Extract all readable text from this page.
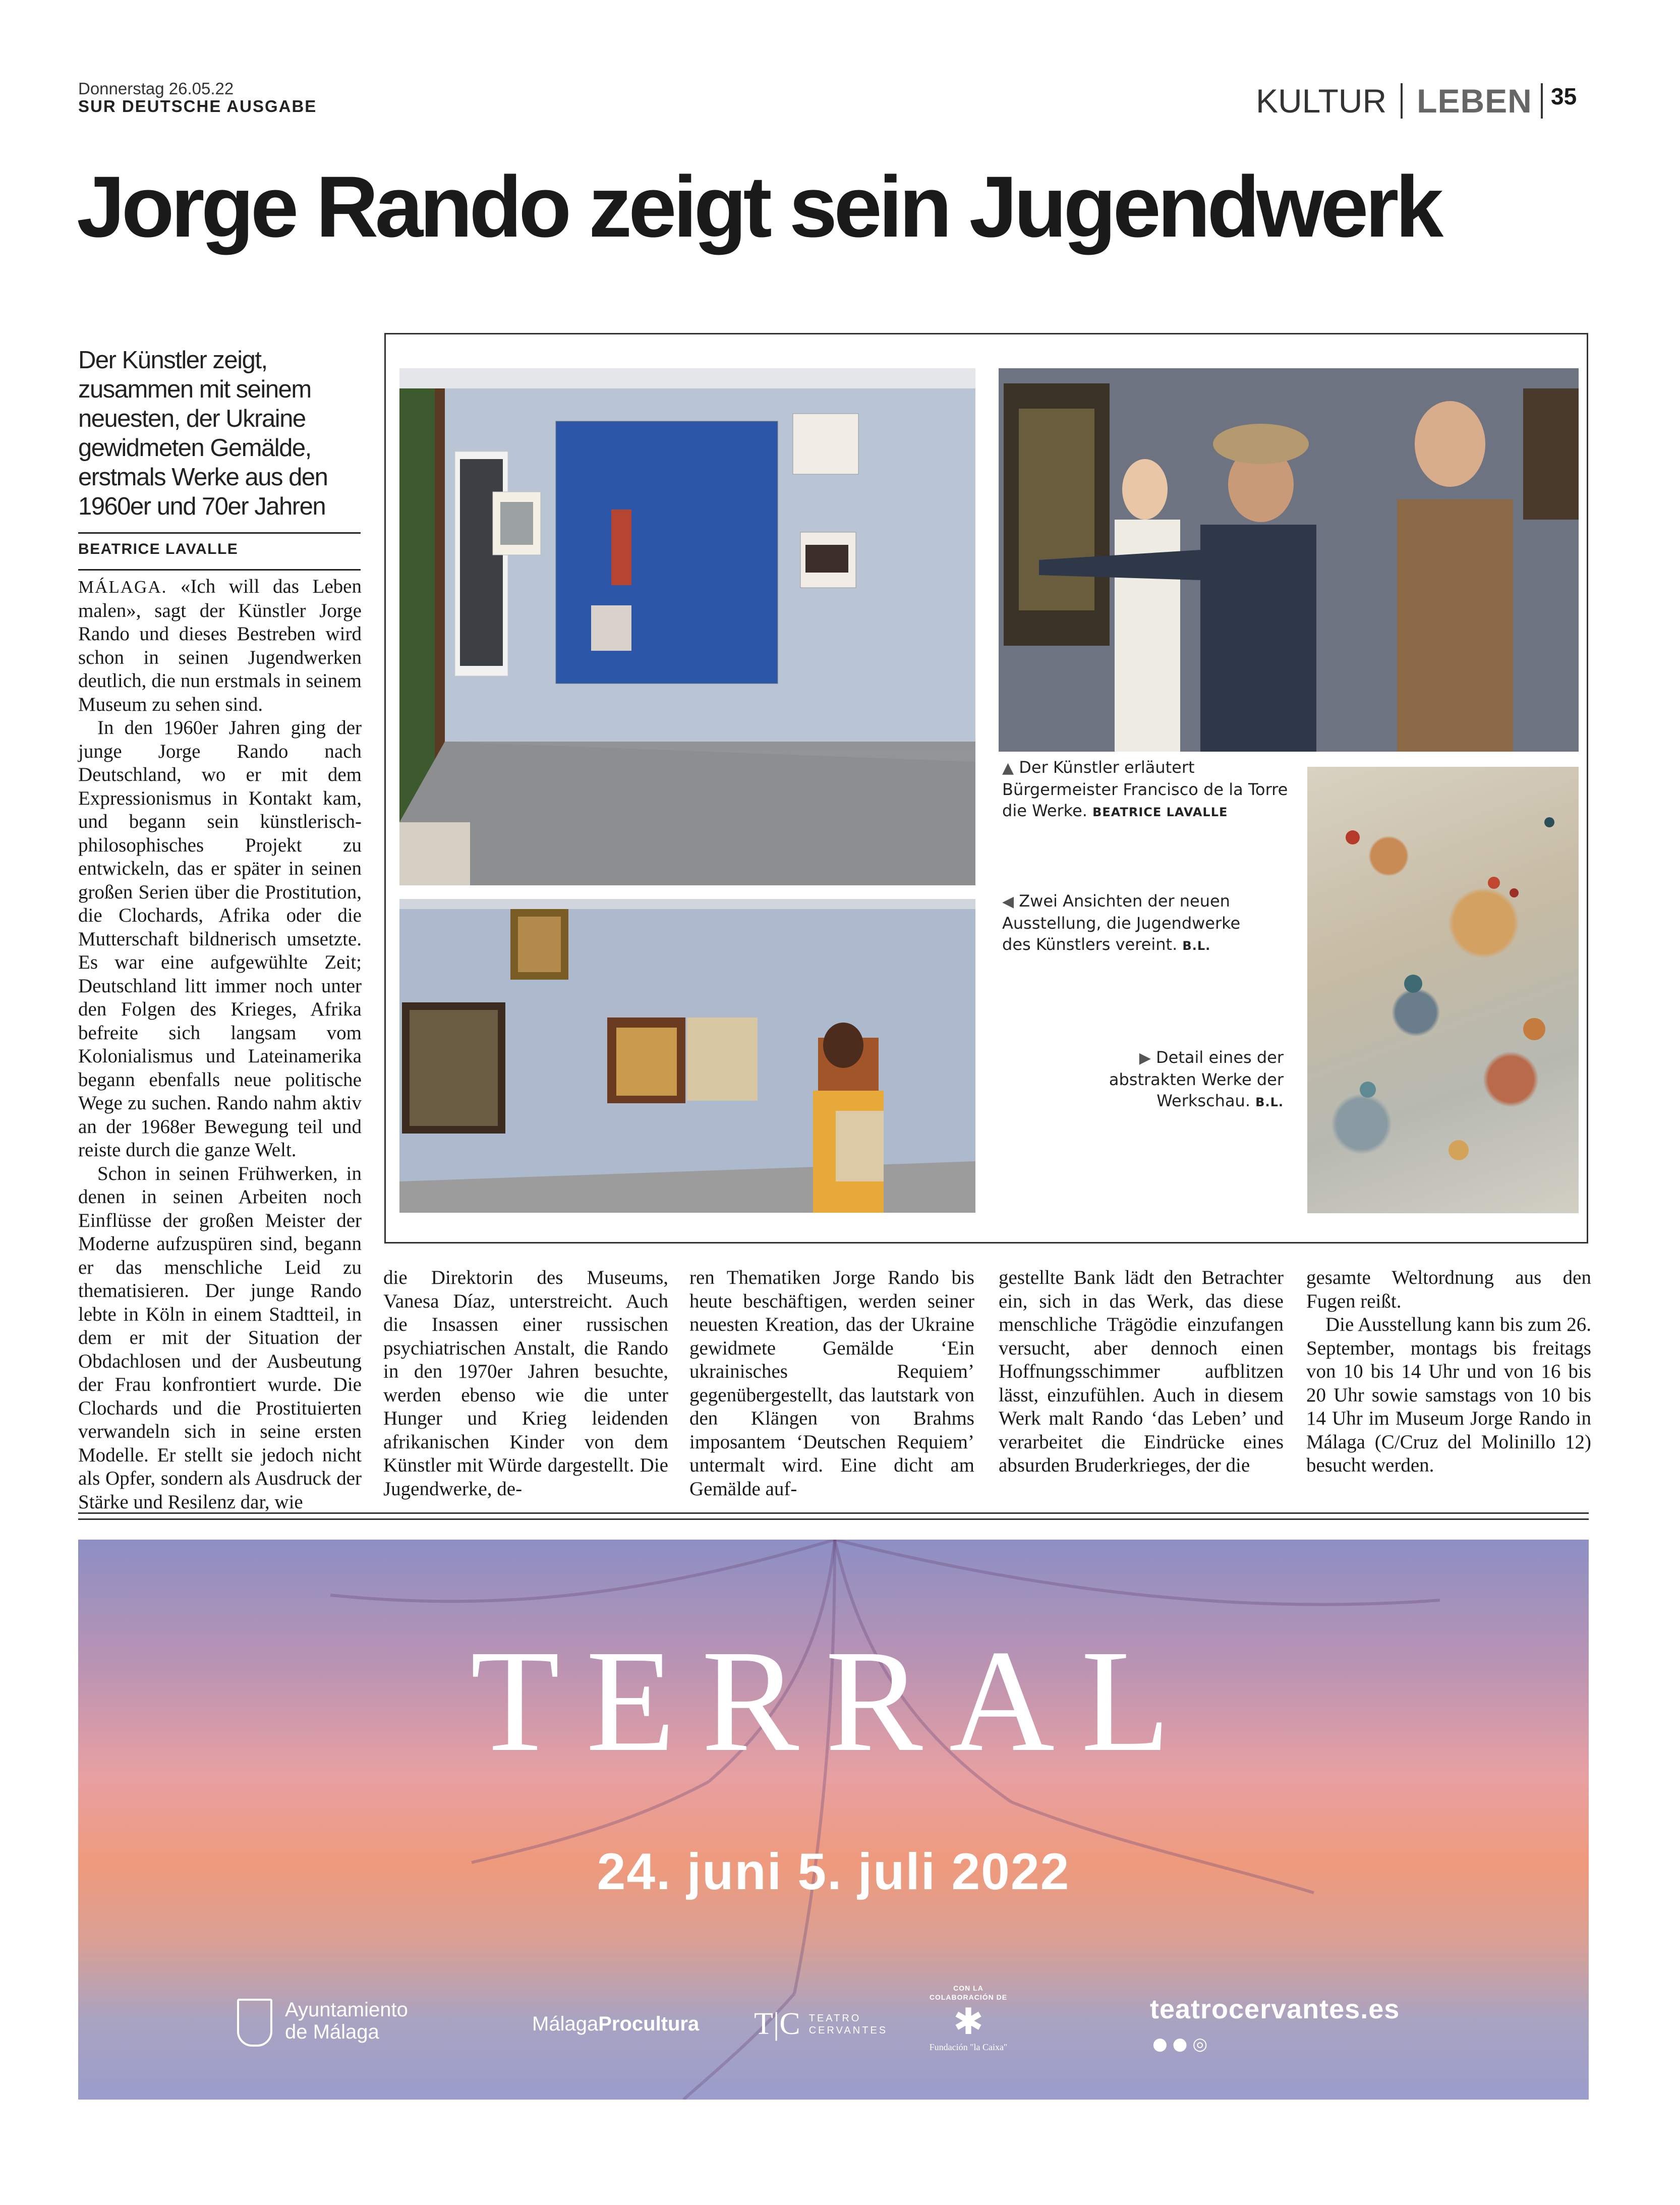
Donnerstag 26.05.22
SUR DEUTSCHE AUSGABE	KULTUR LEBEN 35
Jorge Rando zeigt sein Jugendwerk
Der Künstler zeigt, zusammen mit seinem neuesten, der Ukraine gewidmeten Gemälde, erstmals Werke aus den 1960er und 70er Jahren
BEATRICE LAVALLE

MÁLAGA. «Ich will das Leben malen», sagt der Künstler Jorge Rando und dieses Bestreben wird schon in seinen Jugendwerken deutlich, die nun erstmals in seinem Museum zu sehen sind.

In den 1960er Jahren ging der junge Jorge Rando nach Deutschland, wo er mit dem Expressionismus in Kontakt kam, und begann sein künstlerisch-philosophisches Projekt zu entwickeln, das er später in seinen großen Serien über die Prostitution, die Clochards, Afrika oder die Mutterschaft bildnerisch umsetzte. Es war eine aufgewühlte Zeit; Deutschland litt immer noch unter den Folgen des Krieges, Afrika befreite sich langsam vom Kolonialismus und Lateinamerika begann ebenfalls neue politische Wege zu suchen. Rando nahm aktiv an der 1968er Bewegung teil und reiste durch die ganze Welt.

Schon in seinen Frühwerken, in denen in seinen Arbeiten noch Einflüsse der großen Meister der Moderne aufzuspüren sind, begann er das menschliche Leid zu thematisieren. Der junge Rando lebte in Köln in einem Stadtteil, in dem er mit der Situation der Obdachlosen und der Ausbeutung der Frau konfrontiert wurde. Die Clochards und die Prostituierten verwandeln sich in seine ersten Modelle. Er stellt sie jedoch nicht als Opfer, sondern als Ausdruck der Stärke und Resilenz dar, wie

▲ Der Künstler erläutert Bürgermeister Francisco de la Torre die Werke. BEATRICE LAVALLE
◀ Zwei Ansichten der neuen Ausstellung, die Jugendwerke des Künstlers vereint. B.L.
▶ Detail eines der abstrakten Werke der Werkschau. B.L.

die Direktorin des Museums, Vanesa Díaz, unterstreicht. Auch die Insassen einer russischen psychiatrischen Anstalt, die Rando in den 1970er Jahren besuchte, werden ebenso wie die unter Hunger und Krieg leidenden afrikanischen Kinder von dem Künstler mit Würde dargestellt. Die Jugendwerke, de-

ren Thematiken Jorge Rando bis heute beschäftigen, werden seiner neuesten Kreation, das der Ukraine gewidmete Gemälde ‘Ein ukrainisches Requiem’ gegenübergestellt, das lautstark von den Klängen von Brahms imposantem ‘Deutschen Requiem’ untermalt wird. Eine dicht am Gemälde auf-

gestellte Bank lädt den Betrachter ein, sich in das Werk, das diese menschliche Trägödie einzufangen versucht, aber dennoch einen Hoffnungsschimmer aufblitzen lässt, einzufühlen. Auch in diesem Werk malt Rando ‘das Leben’ und verarbeitet die Eindrücke eines absurden Bruderkrieges, der die

gesamte Weltordnung aus den Fugen reißt.

Die Ausstellung kann bis zum 26. September, montags bis freitags von 10 bis 14 Uhr und von 16 bis 20 Uhr sowie samstags von 10 bis 14 Uhr im Museum Jorge Rando in Málaga (C/Cruz del Molinillo 12) besucht werden.

TERRAL
24. juni 5. juli 2022
Ayuntamiento
de Málaga	MálagaProcultura T|C TEATRO
CERVANTES
CON LA
COLABORACIÓN DE
✱
Fundación "la Caixa"
teatrocervantes.es
●●◎
